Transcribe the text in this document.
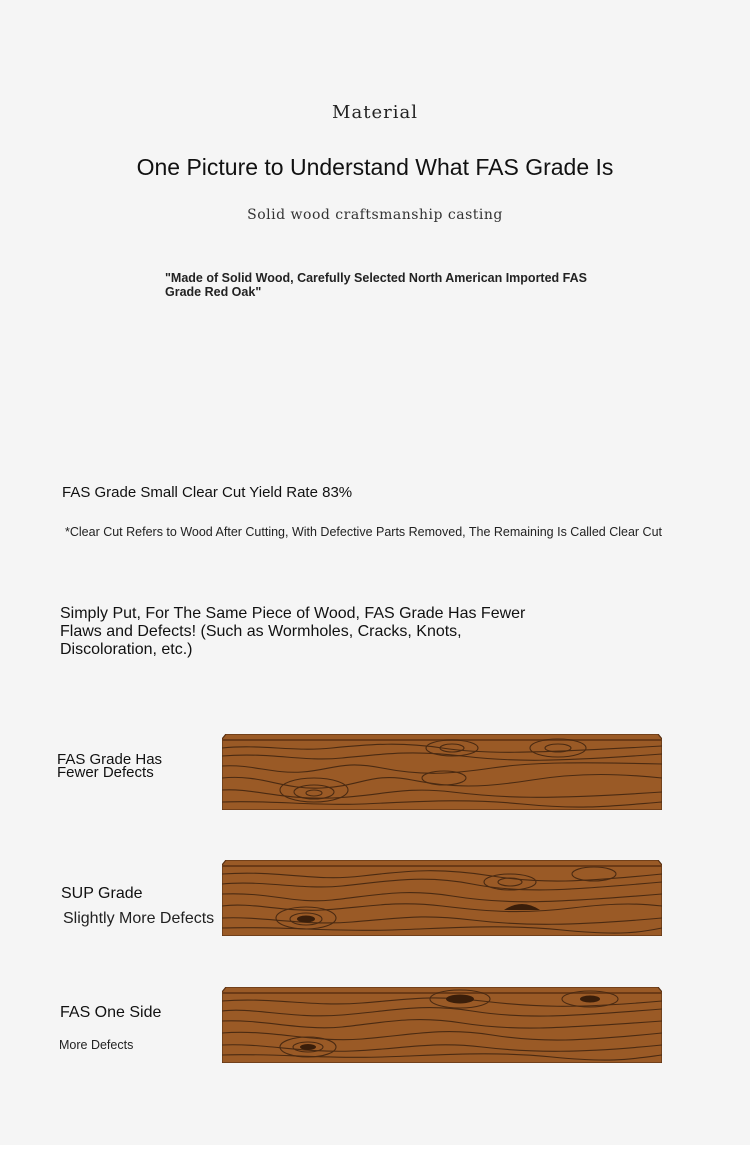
Material
One Picture to Understand What FAS Grade Is
Solid wood craftsmanship casting
"Made of Solid Wood, Carefully Selected North American Imported FAS Grade Red Oak"
FAS Grade Small Clear Cut Yield Rate 83%
*Clear Cut Refers to Wood After Cutting, With Defective Parts Removed, The Remaining Is Called Clear Cut
Simply Put, For The Same Piece of Wood, FAS Grade Has Fewer Flaws and Defects! (Such as Wormholes, Cracks, Knots, Discoloration, etc.)
FAS Grade Has Fewer Defects
SUP Grade
Slightly More Defects
FAS One Side
More Defects
